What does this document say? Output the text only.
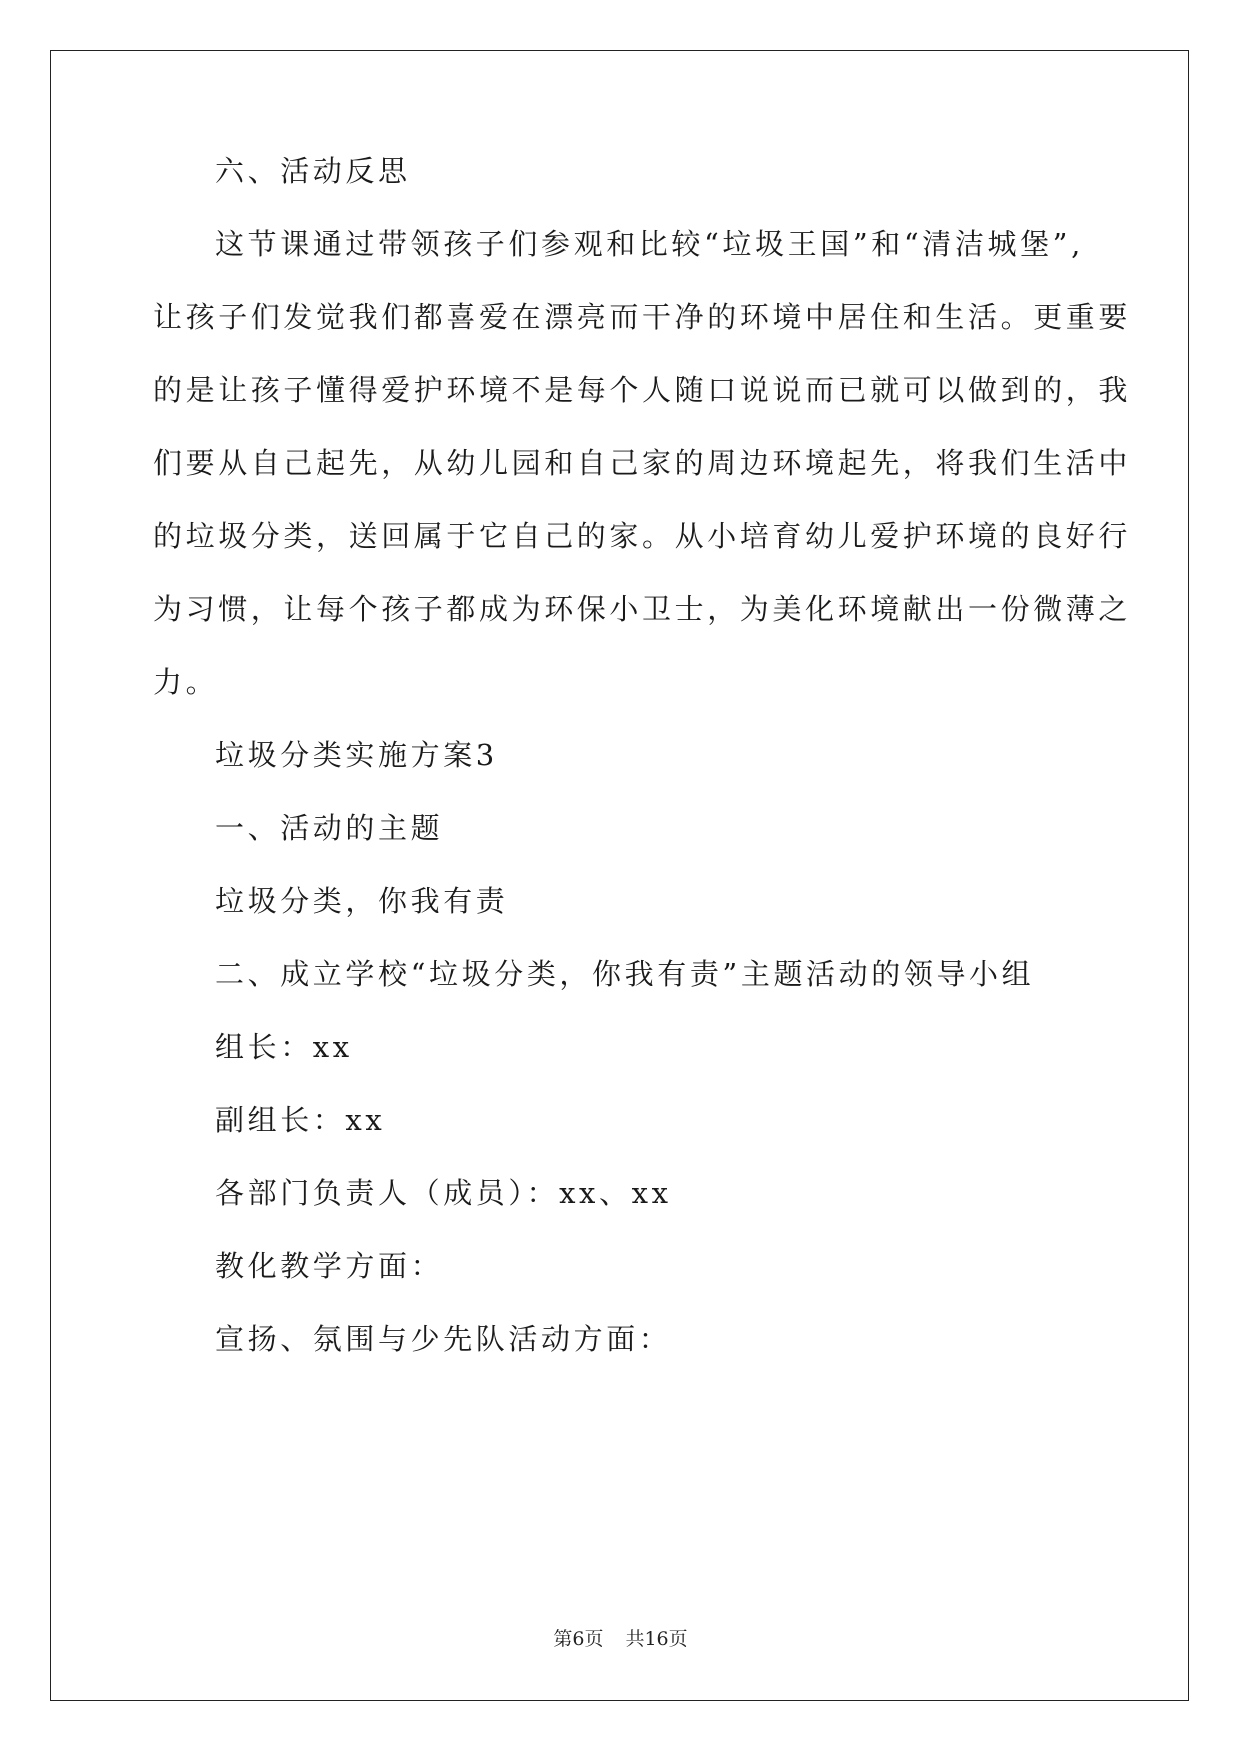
六、活动反思
这节课通过带领孩子们参观和比较“垃圾王国”和“清洁城堡”,
让孩子们发觉我们都喜爱在漂亮而干净的环境中居住和生活。更重要
的是让孩子懂得爱护环境不是每个人随口说说而已就可以做到的，我
们要从自己起先，从幼儿园和自己家的周边环境起先，将我们生活中
的垃圾分类，送回属于它自己的家。从小培育幼儿爱护环境的良好行
为习惯，让每个孩子都成为环保小卫士，为美化环境献出一份微薄之
力。
垃圾分类实施方案3
一、活动的主题
垃圾分类，你我有责
二、成立学校“垃圾分类，你我有责”主题活动的领导小组
组长：xx
副组长：xx
各部门负责人（成员）：xx、xx
教化教学方面：
宣扬、氛围与少先队活动方面：
第6页 共16页
